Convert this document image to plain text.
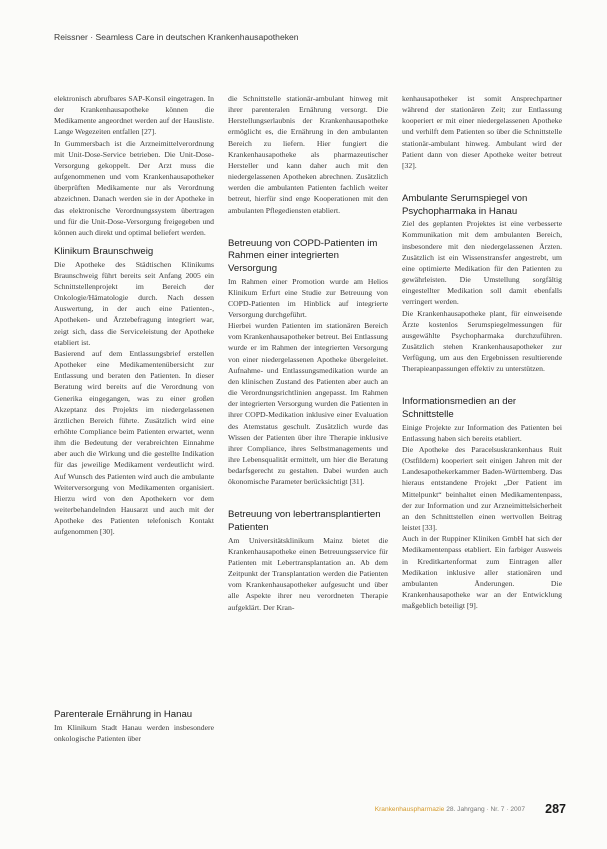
Reissner · Seamless Care in deutschen Krankenhausapotheken

elektronisch abrufbares SAP-Konsil eingetragen. In der Krankenhausapotheke können die Medikamente angeordnet werden auf der Hausliste. Lange Wegezeiten entfallen [27].

In Gummersbach ist die Arzneimittelverordnung mit Unit-Dose-Service betrieben. Die Unit-Dose-Versorgung gekoppelt. Der Arzt muss die aufgenommenen und vom Krankenhausapotheker überprüften Medikamente nur als Verordnung abzeichnen. Danach werden sie in der Apotheke in das elektronische Verordnungssystem übertragen und für die Unit-Dose-Versorgung freigegeben und können auch direkt und optimal beliefert werden.

Klinikum Braunschweig

Die Apotheke des Städtischen Klinikums Braunschweig führt bereits seit Anfang 2005 ein Schnittstellenprojekt im Bereich der Onkologie/Hämatologie durch. Nach dessen Auswertung, in der auch eine Patienten-, Apotheken- und Ärztebefragung integriert war, zeigt sich, dass die Serviceleistung der Apotheke etabliert ist.

Basierend auf dem Entlassungsbrief erstellen Apotheker eine Medikamentenübersicht zur Entlassung und beraten den Patienten. In dieser Beratung wird bereits auf die Verordnung von Generika eingegangen, was zu einer großen Akzeptanz des Projekts im niedergelassenen ärztlichen Bereich führte. Zusätzlich wird eine erhöhte Compliance beim Patienten erwartet, wenn ihm die Bedeutung der verabreichten Einnahme aber auch die Wirkung und die gestellte Indikation für das jeweilige Medikament verdeutlicht wird. Auf Wunsch des Patienten wird auch die ambulante Weiterversorgung von Medikamenten organisiert. Hierzu wird von den Apothekern vor dem weiterbehandelnden Hausarzt und auch mit der Apotheke des Patienten telefonisch Kontakt aufgenommen [30].

Parenterale Ernährung in Hanau

Im Klinikum Stadt Hanau werden insbesondere onkologische Patienten über

die Schnittstelle stationär-ambulant hinweg mit ihrer parenteralen Ernährung versorgt. Die Herstellungserlaubnis der Krankenhausapotheke ermöglicht es, die Ernährung in den ambulanten Bereich zu liefern. Hier fungiert die Krankenhausapotheke als pharmazeutischer Hersteller und kann daher auch mit den niedergelassenen Apotheken abrechnen. Zusätzlich werden die ambulanten Patienten fachlich weiter betreut, hierfür sind enge Kooperationen mit den ambulanten Pflegediensten etabliert.

Betreuung von COPD-Patienten im Rahmen einer integrierten Versorgung

Im Rahmen einer Promotion wurde am Helios Klinikum Erfurt eine Studie zur Betreuung von COPD-Patienten im Hinblick auf integrierte Versorgung durchgeführt.

Hierbei wurden Patienten im stationären Bereich vom Krankenhausapotheker betreut. Bei Entlassung wurde er im Rahmen der integrierten Versorgung von einer niedergelassenen Apotheke übergeleitet. Aufnahme- und Entlassungsmedikation wurde an den klinischen Zustand des Patienten aber auch an die Verordnungsrichtlinien angepasst. Im Rahmen der integrierten Versorgung wurden die Patienten in ihrer COPD-Medikation inklusive einer Evaluation des Atemstatus geschult. Zusätzlich wurde das Wissen der Patienten über ihre Therapie inklusive ihrer Compliance, ihres Selbstmanagements und ihre Lebensqualität ermittelt, um hier die Beratung bedarfsgerecht zu gestalten. Dabei wurden auch ökonomische Parameter berücksichtigt [31].

Betreuung von lebertransplantierten Patienten

Am Universitätsklinikum Mainz bietet die Krankenhausapotheke einen Betreuungsservice für Patienten mit Lebertransplantation an. Ab dem Zeitpunkt der Transplantation werden die Patienten vom Krankenhausapotheker aufgesucht und über alle Aspekte ihrer neu verordneten Therapie aufgeklärt. Der Kran-

kenhausapotheker ist somit Ansprechpartner während der stationären Zeit; zur Entlassung kooperiert er mit einer niedergelassenen Apotheke und verhilft dem Patienten so über die Schnittstelle stationär-ambulant hinweg. Ambulant wird der Patient dann von dieser Apotheke weiter betreut [32].

Ambulante Serumspiegel von Psychopharmaka in Hanau

Ziel des geplanten Projektes ist eine verbesserte Kommunikation mit dem ambulanten Bereich, insbesondere mit den niedergelassenen Ärzten. Zusätzlich ist ein Wissenstransfer angestrebt, um eine optimierte Medikation für den Patienten zu gewährleisten. Die Umstellung sorgfältig eingestellter Medikation soll damit ebenfalls verringert werden.

Die Krankenhausapotheke plant, für einweisende Ärzte kostenlos Serumspiegelmessungen für ausgewählte Psychopharmaka durchzuführen. Zusätzlich stehen Krankenhausapotheker zur Verfügung, um aus den Ergebnissen resultierende Therapieanpassungen effektiv zu unterstützen.

Informationsmedien an der Schnittstelle

Einige Projekte zur Information des Patienten bei Entlassung haben sich bereits etabliert.

Die Apotheke des Paracelsuskrankenhaus Ruit (Ostfildern) kooperiert seit einigen Jahren mit der Landesapothekerkammer Baden-Württemberg. Das hieraus entstandene Projekt „Der Patient im Mittelpunkt“ beinhaltet einen Medikamentenpass, der zur Information und zur Arzneimittelsicherheit an den Schnittstellen einen wertvollen Beitrag leistet [33].

Auch in der Ruppiner Kliniken GmbH hat sich der Medikamentenpass etabliert. Ein farbiger Ausweis in Kreditkartenformat zum Eintragen aller Medikation inklusive aller stationären und ambulanten Änderungen. Die Krankenhausapotheke war an der Entwicklung maßgeblich beteiligt [9].

Krankenhauspharmazie 28. Jahrgang · Nr. 7 · 2007 287
